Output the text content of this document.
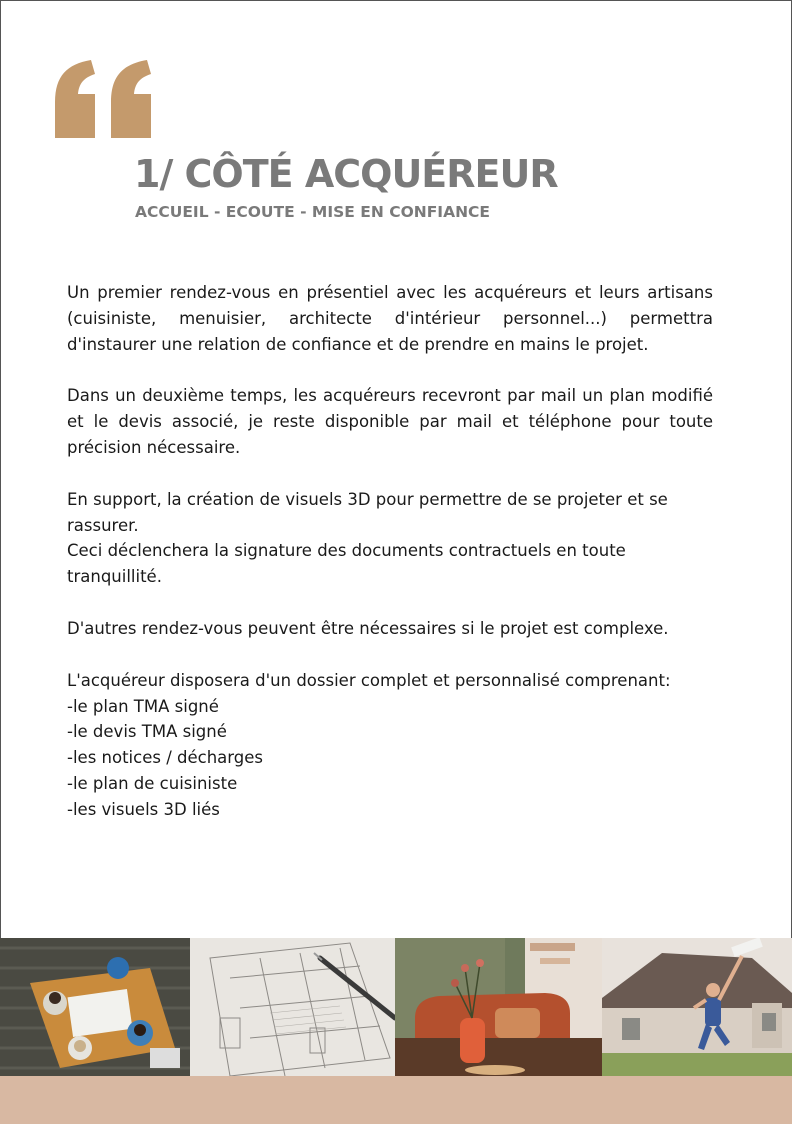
1/ CÔTÉ ACQUÉREUR
ACCUEIL - ECOUTE - MISE EN CONFIANCE

Un premier rendez-vous en présentiel avec les acquéreurs et leurs artisans (cuisiniste, menuisier, architecte d'intérieur personnel...) permettra d'instaurer une relation de confiance et de prendre en mains le projet.

Dans un deuxième temps, les acquéreurs recevront par mail un plan modifié et le devis associé, je reste disponible par mail et téléphone pour toute précision nécessaire.

En support, la création de visuels 3D pour permettre de se projeter et se rassurer.
Ceci déclenchera la signature des documents contractuels en toute tranquillité.

D'autres rendez-vous peuvent être nécessaires si le projet est complexe.

L'acquéreur disposera d'un dossier complet et personnalisé comprenant:
-le plan TMA signé
-le devis TMA signé
-les notices / décharges
-le plan de cuisiniste
-les visuels 3D liés
